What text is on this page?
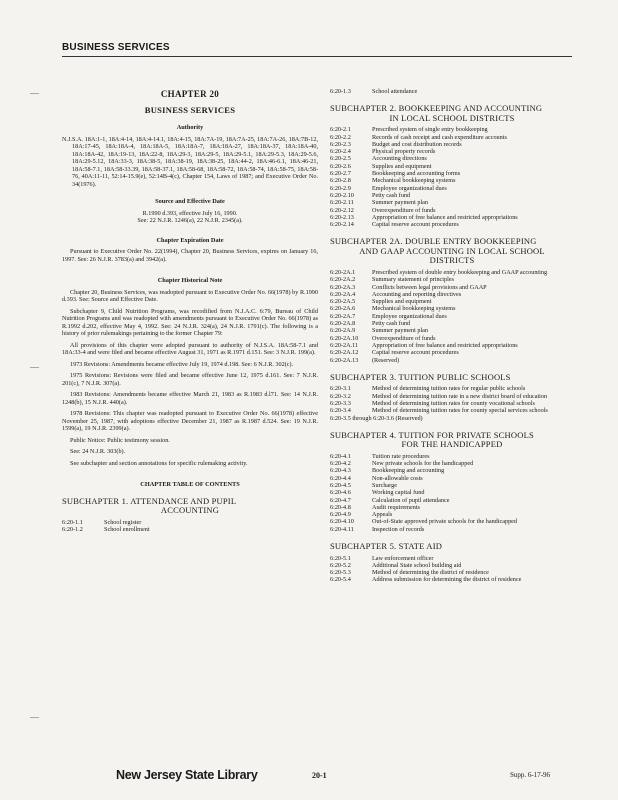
BUSINESS SERVICES
—
—
—
CHAPTER 20
BUSINESS SERVICES
Authority

N.J.S.A. 18A:1-1, 18A:4-14, 18A:4-14.1, 18A:4-15, 18A:7A-19, 18A:7A-25, 18A:7A-26, 18A:7B-12, 18A:17-45, 18A:18A-4, 18A:18A-5, 18A:18A-7, 18A:18A-27, 18A:18A-37, 18A:18A-40, 18A:18A-42, 18A:19-13, 18A:22-8, 18A:29-3, 18A:29-5, 18A:29-5.1, 18A:29-5.3, 18A:29-5.6, 18A:29-5.12, 18A:33-3, 18A:38-5, 18A:38-19, 18A:38-25, 18A:44-2, 18A:46-6.1, 18A:46-21, 18A:58-7.1, 18A:58-33.39, 18A:58-37.1, 18A:58-68, 18A:58-72, 18A:58-74, 18A:58-75, 18A:58-76, 40A:11-11, 52:14-15.9(e), 52:14B-4(c), Chapter 154, Laws of 1987; and Executive Order No. 34(1976).

Source and Effective Date

R.1990 d.393, effective July 16, 1990.

See: 22 N.J.R. 1246(a), 22 N.J.R. 2345(a).

Chapter Expiration Date

Pursuant to Executive Order No. 22(1994), Chapter 20, Business Services, expires on January 16, 1997. See: 26 N.J.R. 3783(a) and 3942(a).

Chapter Historical Note

Chapter 20, Business Services, was readopted pursuant to Executive Order No. 66(1978) by R.1990 d.393. See: Source and Effective Date.

Subchapter 9, Child Nutrition Programs, was recodified from N.J.A.C. 6:79, Bureau of Child Nutrition Programs and was readopted with amendments pursuant to Executive Order No. 66(1978) as R.1992 d.202, effective May 4, 1992. See: 24 N.J.R. 324(a), 24 N.J.R. 1791(c). The following is a history of prior rulemakings pertaining to the former Chapter 79:

All provisions of this chapter were adopted pursuant to authority of N.J.S.A. 18A:58-7.1 and 18A:33-4 and were filed and became effective August 31, 1971 as R.1971 d.151. See: 3 N.J.R. 199(a).

1973 Revisions: Amendments became effective July 19, 1974 d.198. See: 6 N.J.R. 302(c).

1975 Revisions: Revisions were filed and became effective June 12, 1975 d.161. See: 7 N.J.R. 201(c), 7 N.J.R. 307(a).

1983 Revisions: Amendments became effective March 21, 1983 as R.1983 d.l71. See: 14 N.J.R. 1248(b), 15 N.J.R. 440(a).

1978 Revisions: This chapter was readopted pursuant to Executive Order No. 66(1978) effective November 25, 1987, with adoptions effective December 21, 1987 as R.1987 d.524. See: 19 N.J.R. 1599(a), 19 N.J.R. 2399(a).

Public Notice: Public testimony session.

See: 24 N.J.R. 303(b).

See subchapter and section annotations for specific rulemaking activity.

CHAPTER TABLE OF CONTENTS
SUBCHAPTER 1. ATTENDANCE AND PUPIL
ACCOUNTING
6:20-1.1	School register
6:20-1.2	School enrollment
6:20-1.3	School attendance
SUBCHAPTER 2. BOOKKEEPING AND ACCOUNTING
IN LOCAL SCHOOL DISTRICTS
6:20-2.1	Prescribed system of single entry bookkeeping
6:20-2.2	Records of cash receipt and cash expenditure accounts
6:20-2.3	Budget and cost distribution records
6:20-2.4	Physical property records
6:20-2.5	Accounting directions
6:20-2.6	Supplies and equipment
6:20-2.7	Bookkeeping and accounting forms
6:20-2.8	Mechanical bookkeeping systems
6:20-2.9	Employee organizational dues
6:20-2.10	Petty cash fund
6:20-2.11	Summer payment plan
6:20-2.12	Overexpenditure of funds
6:20-2.13	Appropriation of free balance and restricted appropriations
6:20-2.14	Capital reserve account procedures
SUBCHAPTER 2A. DOUBLE ENTRY BOOKKEEPING
AND GAAP ACCOUNTING IN LOCAL SCHOOL
DISTRICTS
6:20-2A.1	Prescribed system of double entry bookkeeping and GAAP accounting
6:20-2A.2	Summary statement of principles
6:20-2A.3	Conflicts between legal provisions and GAAP
6:20-2A.4	Accounting and reporting directives
6:20-2A.5	Supplies and equipment
6:20-2A.6	Mechanical bookkeeping systems
6:20-2A.7	Employee organizational dues
6:20-2A.8	Petty cash fund
6:20-2A.9	Summer payment plan
6:20-2A.10	Overexpenditure of funds
6:20-2A.11	Appropriation of free balance and restricted appropriations
6:20-2A.12	Capital reserve account procedures
6:20-2A.13	(Reserved)
SUBCHAPTER 3. TUITION PUBLIC SCHOOLS
6:20-3.1	Method of determining tuition rates for regular public schools
6:20-3.2	Method of determining tuition rate in a new district board of education
6:20-3.3	Method of determining tuition rates for county vocational schools
6:20-3.4	Method of determining tuition rates for county special services schools
6:20-3.5 through 6:20-3.6 (Reserved)
SUBCHAPTER 4. TUITION FOR PRIVATE SCHOOLS
FOR THE HANDICAPPED
6:20-4.1	Tuition rate procedures
6:20-4.2	New private schools for the handicapped
6:20-4.3	Bookkeeping and accounting
6:20-4.4	Non-allowable costs
6:20-4.5	Surcharge
6:20-4.6	Working capital fund
6:20-4.7	Calculation of pupil attendance
6:20-4.8	Audit requirements
6:20-4.9	Appeals
6:20-4.10	Out-of-State approved private schools for the handicapped
6:20-4.11	Inspection of records
SUBCHAPTER 5. STATE AID
6:20-5.1	Law enforcement officer
6:20-5.2	Additional State school building aid
6:20-5.3	Method of determining the district of residence
6:20-5.4	Address submission for determining the district of residence
New Jersey State Library	20-1	Supp. 6-17-96
